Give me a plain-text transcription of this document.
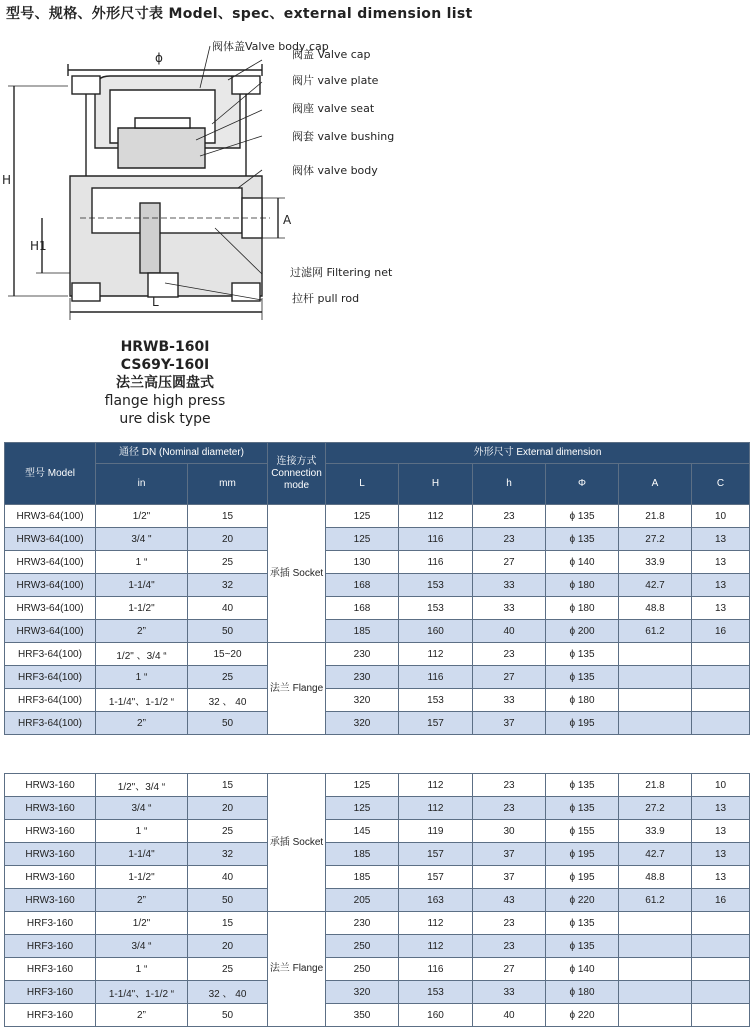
型号、规格、外形尺寸表 Model、spec、external dimension list
阀体盖Valve body cap
阀盖 Valve cap
阀片 valve plate
阀座 valve seat
阀套 valve bushing
阀体 valve body
过滤网 Filtering net
拉杆 pull rod
ϕ
H
H1
A
L
HRWB-160I
CS69Y-160I
法兰高压圆盘式
flange high press ure disk type
型号 Model	通径 DN (Nominal diameter)		连接方式 Connection mode	外形尺寸 External dimension					
	in	mm		L	H	h	Φ	A	C
HRW3-64(100)	1/2"	15	承插 Socket	125	112	23	ϕ 135	21.8	10
HRW3-64(100)	3/4 "	20		125	116	23	ϕ 135	27.2	13
HRW3-64(100)	1 “	25		130	116	27	ϕ 140	33.9	13
HRW3-64(100)	1-1/4"	32		168	153	33	ϕ 180	42.7	13
HRW3-64(100)	1-1/2"	40		168	153	33	ϕ 180	48.8	13
HRW3-64(100)	2”	50		185	160	40	ϕ 200	61.2	16
HRF3-64(100)	1/2" 、3/4 “	15~20	法兰 Flange	230	112	23	ϕ 135		
HRF3-64(100)	1 “	25		230	116	27	ϕ 135		
HRF3-64(100)	1-1/4"、1-1/2 “	32 、 40		320	153	33	ϕ 180		
HRF3-64(100)	2”	50		320	157	37	ϕ 195		
HRW3-160	1/2"、3/4 “	15	承插 Socket	125	112	23	ϕ 135	21.8	10
HRW3-160	3/4 “	20		125	112	23	ϕ 135	27.2	13
HRW3-160	1 “	25		145	119	30	ϕ 155	33.9	13
HRW3-160	1-1/4"	32		185	157	37	ϕ 195	42.7	13
HRW3-160	1-1/2"	40		185	157	37	ϕ 195	48.8	13
HRW3-160	2”	50		205	163	43	ϕ 220	61.2	16
HRF3-160	1/2"	15	法兰 Flange	230	112	23	ϕ 135		
HRF3-160	3/4 “	20		250	112	23	ϕ 135		
HRF3-160	1 “	25		250	116	27	ϕ 140		
HRF3-160	1-1/4"、1-1/2 “	32 、 40		320	153	33	ϕ 180		
HRF3-160	2”	50		350	160	40	ϕ 220		
